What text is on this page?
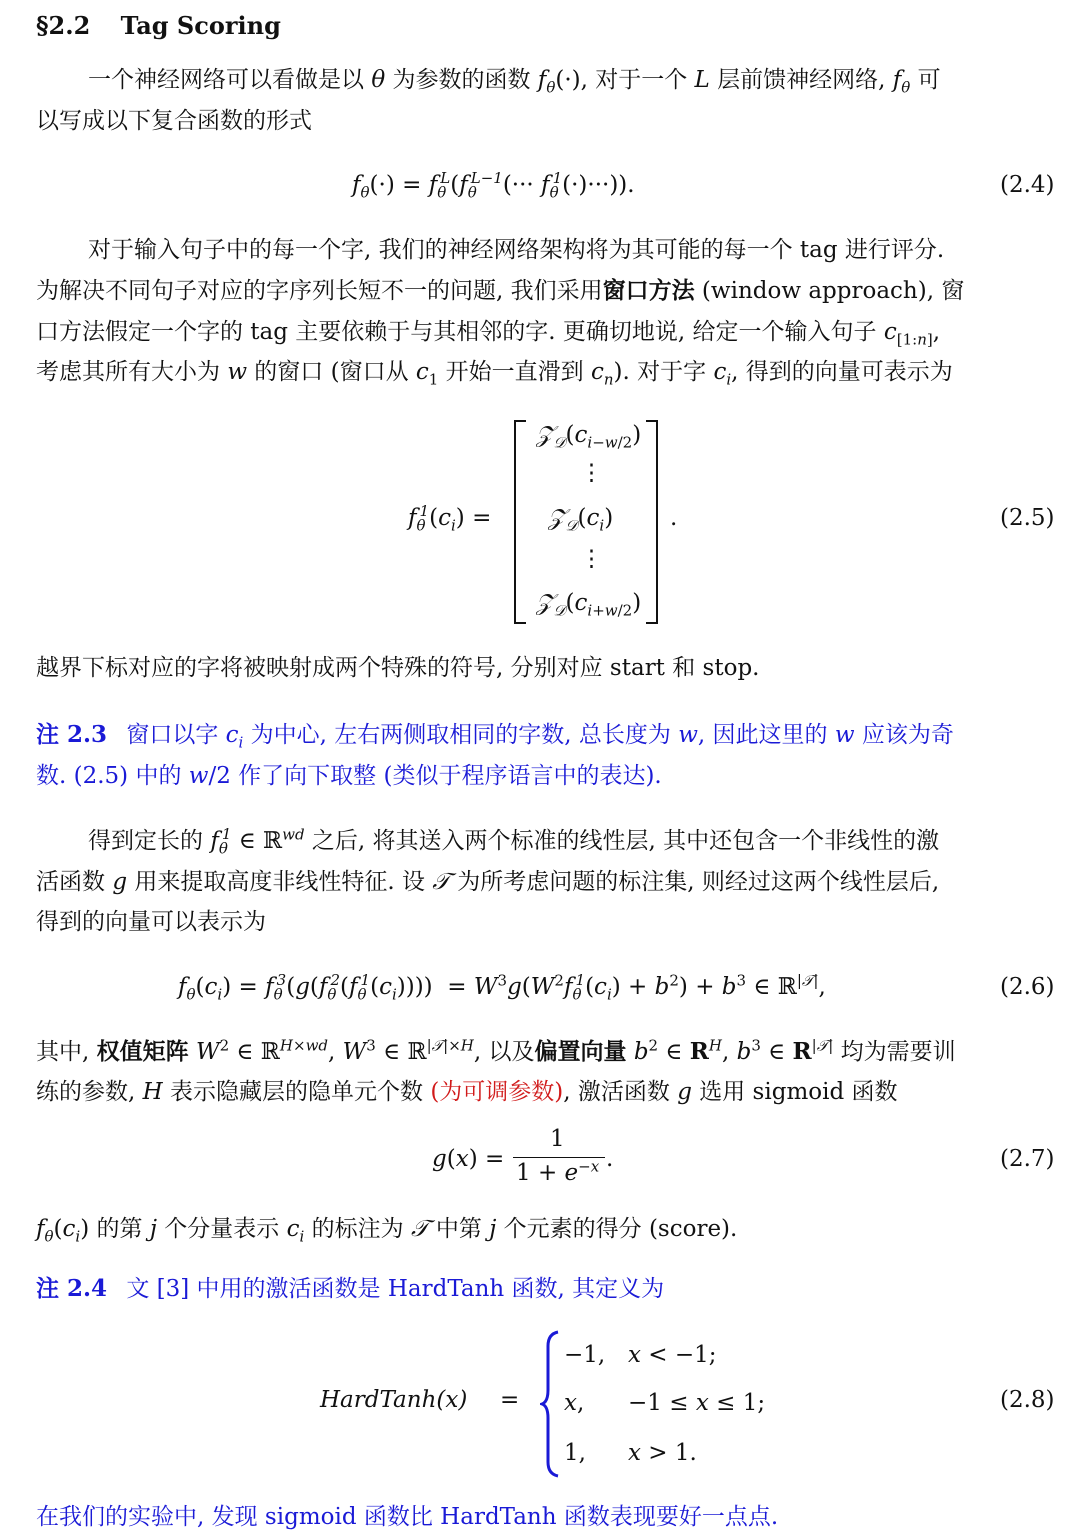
§2.2 Tag Scoring
一个神经网络可以看做是以 θ 为参数的函数 $f_\theta(\cdot)$, 对于一个 L 层前馈神经网络, $f_\theta$ 可
以写成以下复合函数的形式
$f_\theta(\cdot) = f_\theta^L(f_\theta^{L-1}(\cdot\cdot\cdot f_\theta^1(\cdot)\cdot\cdot\cdot))$.	(2.4)
对于输入句子中的每一个字, 我们的神经网络架构将为其可能的每一个 tag 进行评分.
为解决不同句子对应的字序列长短不一的问题, 我们采用窗口方法 (window approach), 窗
口方法假定一个字的 tag 主要依赖于与其相邻的字. 更确切地说, 给定一个输入句子 $c_{[1:n]}$,
考虑其所有大小为 w 的窗口 (窗口从 $c_1$ 开始一直滑到 $c_n$). 对于字 $c_i$, 得到的向量可表示为
$f_\theta^1(c_i)$ =
$𝒵_𝒟(c_{i-w/2})$
⋮
$𝒵_𝒟(c_i)$
⋮
$𝒵_𝒟(c_{i+w/2})$
.	(2.5)
越界下标对应的字将被映射成两个特殊的符号, 分别对应 start 和 stop.
注 2.3 窗口以字 $c_i$ 为中心, 左右两侧取相同的字数, 总长度为 w, 因此这里的 w 应该为奇
数. (2.5) 中的 w/2 作了向下取整 (类似于程序语言中的表达).
得到定长的 $f_\theta^1$ ∈ ℝ$^{wd}$ 之后, 将其送入两个标准的线性层, 其中还包含一个非线性的激
活函数 g 用来提取高度非线性特征. 设 𝒯 为所考虑问题的标注集, 则经过这两个线性层后,
得到的向量可以表示为
$f_\theta(c_i) = f_\theta^3(g(f_\theta^2(f_\theta^1(c_i)))) = W^3g(W^2f_\theta^1(c_i) + b^2) + b^3$ ∈ ℝ$^{|𝒯|}$,	(2.6)
其中, 权值矩阵 $W^2$ ∈ ℝ$^{H\times wd}$, $W^3$ ∈ ℝ$^{|𝒯|\times H}$, 以及偏置向量 $b^2$ ∈ $R^H$, $b^3$ ∈ $R^{|𝒯|}$ 均为需要训
练的参数, H 表示隐藏层的隐单元个数 (为可调参数), 激活函数 g 选用 sigmoid 函数
g(x) =
1
$1 + e^{-x}$ .	(2.7)
$f_\theta(c_i)$ 的第 j 个分量表示 $c_i$ 的标注为 𝒯 中第 j 个元素的得分 (score).
注 2.4 文 [3] 中用的激活函数是 HardTanh 函数, 其定义为
HardTanh(x) =
−1, x < −1;
x, −1 ≤ x ≤ 1;
1, x > 1.
(2.8)
在我们的实验中, 发现 sigmoid 函数比 HardTanh 函数表现要好一点点.
